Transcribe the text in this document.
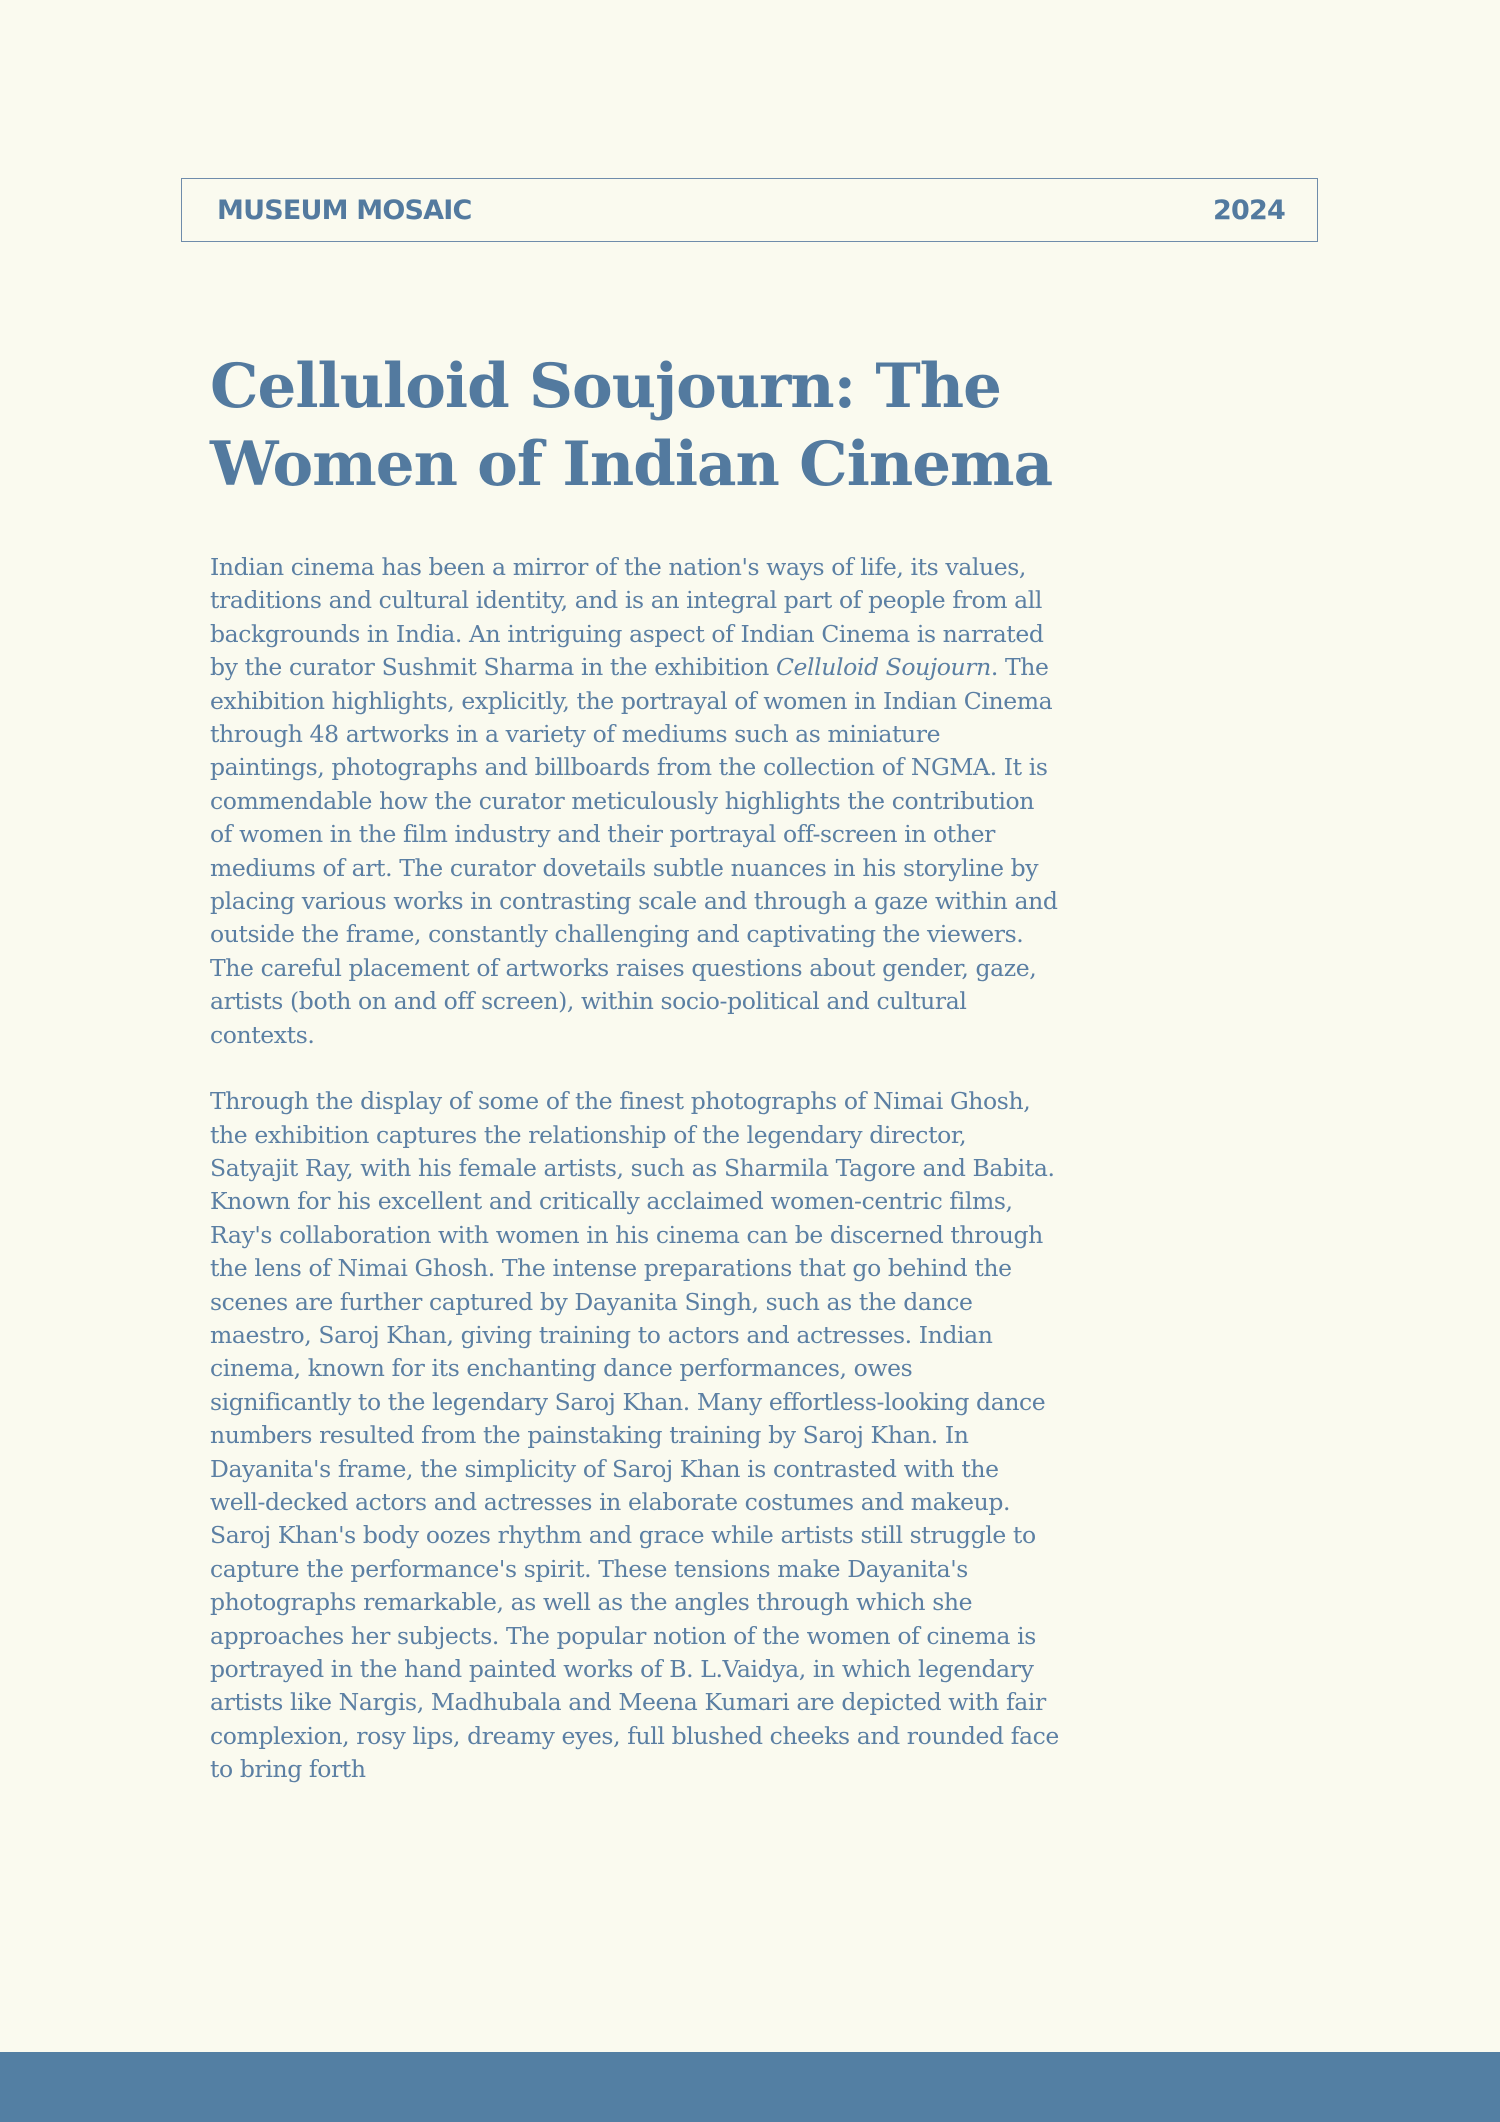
MUSEUM MOSAIC	2024
Celluloid Soujourn: The Women of Indian Cinema

Indian cinema has been a mirror of the nation's ways of life, its values, traditions and cultural identity, and is an integral part of people from all backgrounds in India. An intriguing aspect of Indian Cinema is narrated by the curator Sushmit Sharma in the exhibition Celluloid Soujourn. The exhibition highlights, explicitly, the portrayal of women in Indian Cinema through 48 artworks in a variety of mediums such as miniature paintings, photographs and billboards from the collection of NGMA. It is commendable how the curator meticulously highlights the contribution of women in the film industry and their portrayal off-screen in other mediums of art. The curator dovetails subtle nuances in his storyline by placing various works in contrasting scale and through a gaze within and outside the frame, constantly challenging and captivating the viewers. The careful placement of artworks raises questions about gender, gaze, artists (both on and off screen), within socio-political and cultural contexts.

Through the display of some of the finest photographs of Nimai Ghosh, the exhibition captures the relationship of the legendary director, Satyajit Ray, with his female artists, such as Sharmila Tagore and Babita. Known for his excellent and critically acclaimed women-centric films, Ray's collaboration with women in his cinema can be discerned through the lens of Nimai Ghosh. The intense preparations that go behind the scenes are further captured by Dayanita Singh, such as the dance maestro, Saroj Khan, giving training to actors and actresses. Indian cinema, known for its enchanting dance performances, owes significantly to the legendary Saroj Khan. Many effortless-looking dance numbers resulted from the painstaking training by Saroj Khan. In Dayanita's frame, the simplicity of Saroj Khan is contrasted with the well-decked actors and actresses in elaborate costumes and makeup. Saroj Khan's body oozes rhythm and grace while artists still struggle to capture the performance's spirit. These tensions make Dayanita's photographs remarkable, as well as the angles through which she approaches her subjects. The popular notion of the women of cinema is portrayed in the hand painted works of B. L.Vaidya, in which legendary artists like Nargis, Madhubala and Meena Kumari are depicted with fair complexion, rosy lips, dreamy eyes, full blushed cheeks and rounded face to bring forth
